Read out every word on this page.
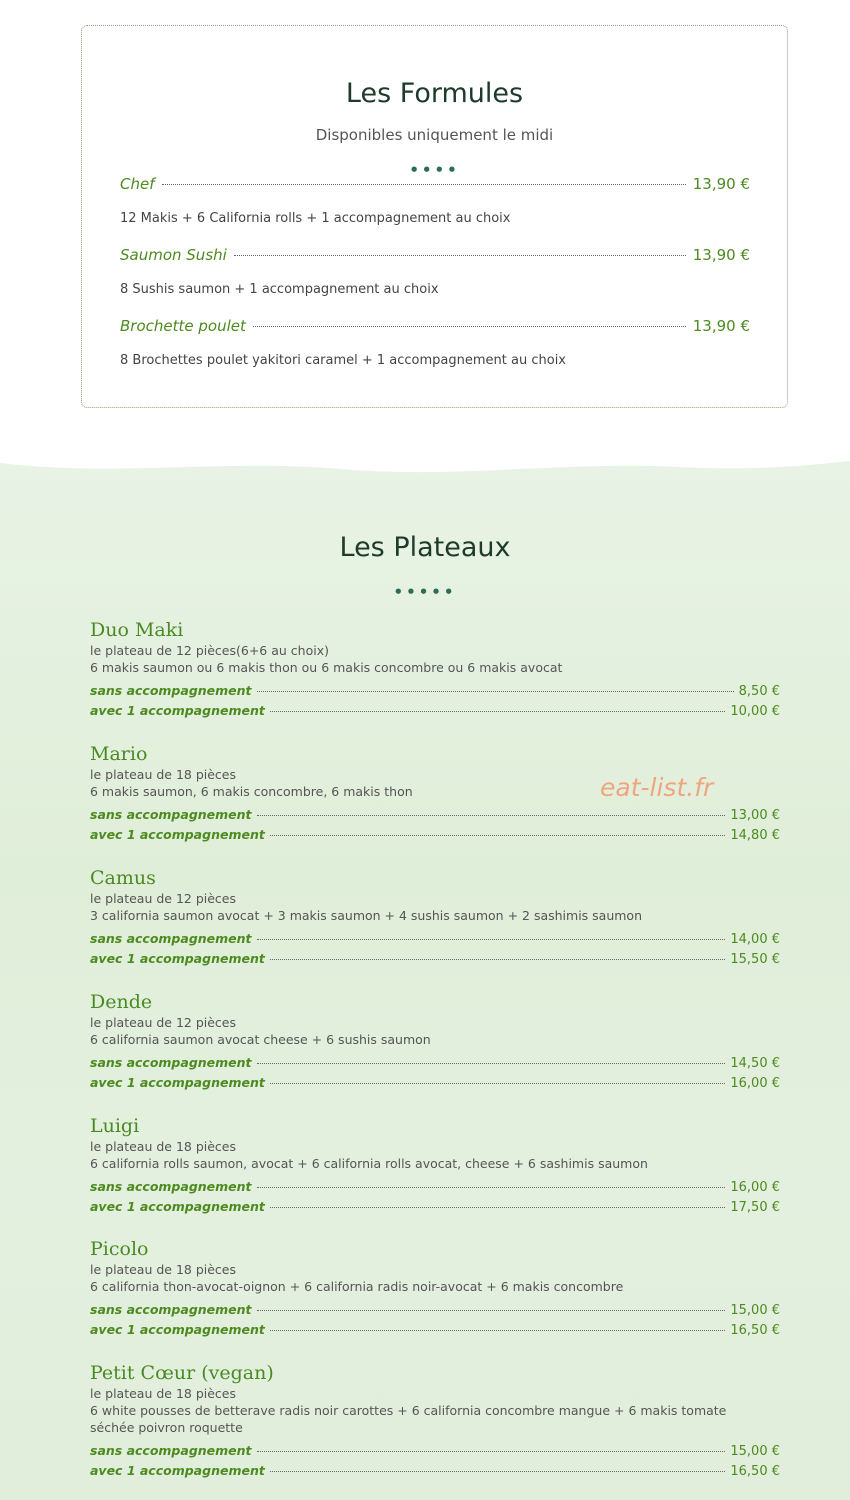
Les Formules
Disponibles uniquement le midi
••••
Chef	13,90 €
12 Makis + 6 California rolls + 1 accompagnement au choix
Saumon Sushi	13,90 €
8 Sushis saumon + 1 accompagnement au choix
Brochette poulet	13,90 €
8 Brochettes poulet yakitori caramel + 1 accompagnement au choix
Les Plateaux
•••••
eat-list.fr
Duo Maki
le plateau de 12 pièces(6+6 au choix)
6 makis saumon ou 6 makis thon ou 6 makis concombre ou 6 makis avocat
sans accompagnement	8,50 €
avec 1 accompagnement	10,00 €
Mario
le plateau de 18 pièces
6 makis saumon, 6 makis concombre, 6 makis thon
sans accompagnement	13,00 €
avec 1 accompagnement	14,80 €
Camus
le plateau de 12 pièces
3 california saumon avocat + 3 makis saumon + 4 sushis saumon + 2 sashimis saumon
sans accompagnement	14,00 €
avec 1 accompagnement	15,50 €
Dende
le plateau de 12 pièces
6 california saumon avocat cheese + 6 sushis saumon
sans accompagnement	14,50 €
avec 1 accompagnement	16,00 €
Luigi
le plateau de 18 pièces
6 california rolls saumon, avocat + 6 california rolls avocat, cheese + 6 sashimis saumon
sans accompagnement	16,00 €
avec 1 accompagnement	17,50 €
Picolo
le plateau de 18 pièces
6 california thon-avocat-oignon + 6 california radis noir-avocat + 6 makis concombre
sans accompagnement	15,00 €
avec 1 accompagnement	16,50 €
Petit Cœur (vegan)
le plateau de 18 pièces
6 white pousses de betterave radis noir carottes + 6 california concombre mangue + 6 makis tomate
séchée poivron roquette
sans accompagnement	15,00 €
avec 1 accompagnement	16,50 €
